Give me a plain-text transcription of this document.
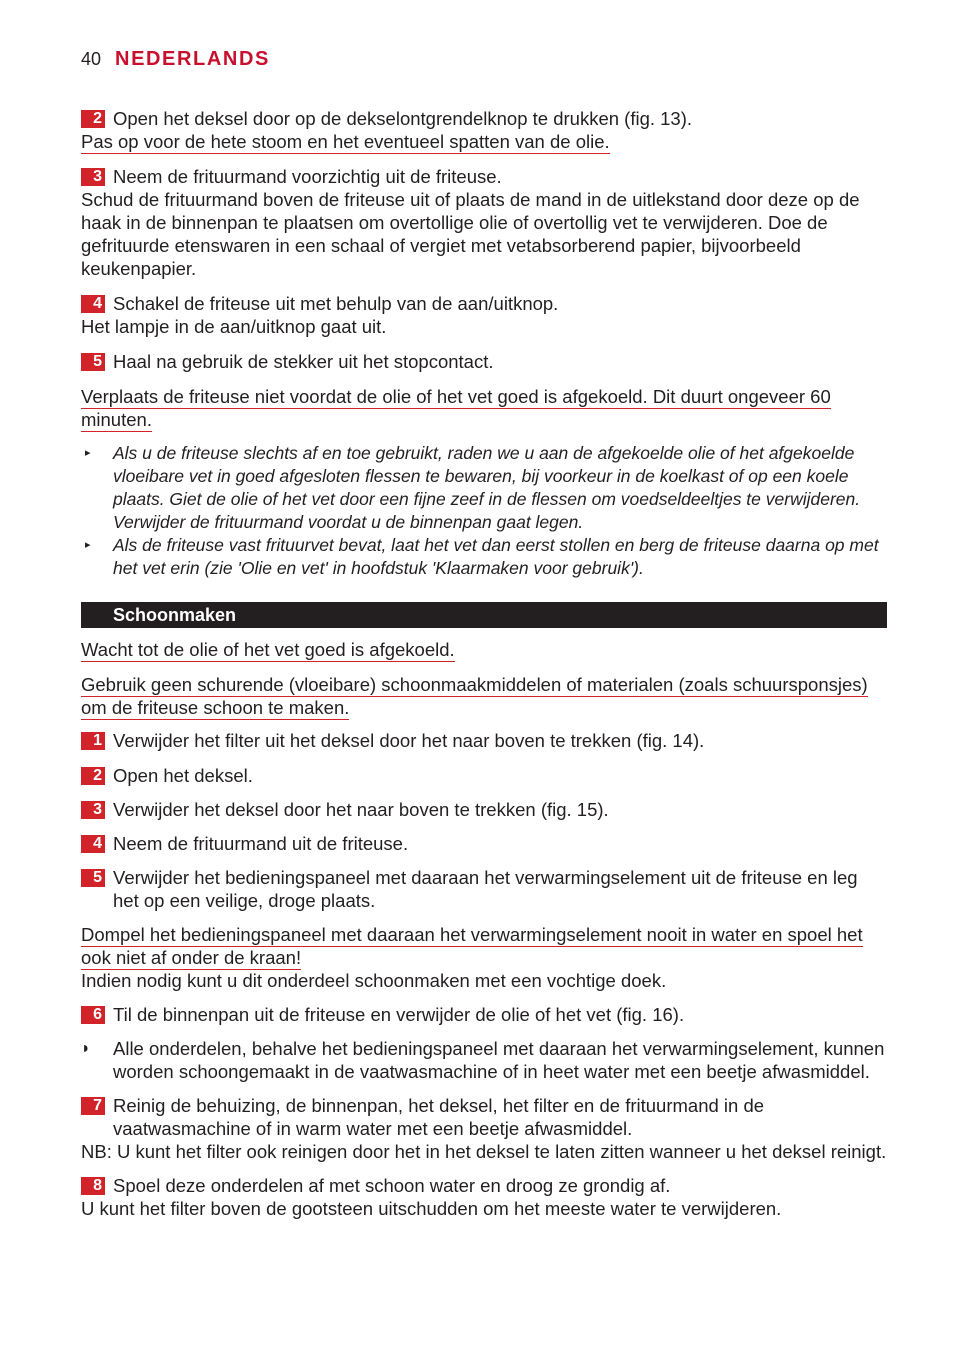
40 NEDERLANDS
2 Open het deksel door op de dekselontgrendelknop te drukken (fig. 13).
Pas op voor de hete stoom en het eventueel spatten van de olie.
3 Neem de frituurmand voorzichtig uit de friteuse.
Schud de frituurmand boven de friteuse uit of plaats de mand in de uitlekstand door deze op de haak in de binnenpan te plaatsen om overtollige olie of overtollig vet te verwijderen. Doe de gefrituurde etenswaren in een schaal of vergiet met vetabsorberend papier, bijvoorbeeld keukenpapier.
4 Schakel de friteuse uit met behulp van de aan/uitknop.
Het lampje in de aan/uitknop gaat uit.
5 Haal na gebruik de stekker uit het stopcontact.
Verplaats de friteuse niet voordat de olie of het vet goed is afgekoeld. Dit duurt ongeveer 60 minuten.
▸ Als u de friteuse slechts af en toe gebruikt, raden we u aan de afgekoelde olie of het afgekoelde vloeibare vet in goed afgesloten flessen te bewaren, bij voorkeur in de koelkast of op een koele plaats. Giet de olie of het vet door een fijne zeef in de flessen om voedseldeeltjes te verwijderen. Verwijder de frituurmand voordat u de binnenpan gaat legen.
▸ Als de friteuse vast frituurvet bevat, laat het vet dan eerst stollen en berg de friteuse daarna op met het vet erin (zie 'Olie en vet' in hoofdstuk 'Klaarmaken voor gebruik').
Schoonmaken
Wacht tot de olie of het vet goed is afgekoeld.
Gebruik geen schurende (vloeibare) schoonmaakmiddelen of materialen (zoals schuursponsjes) om de friteuse schoon te maken.
1 Verwijder het filter uit het deksel door het naar boven te trekken (fig. 14).
2 Open het deksel.
3 Verwijder het deksel door het naar boven te trekken (fig. 15).
4 Neem de frituurmand uit de friteuse.
5 Verwijder het bedieningspaneel met daaraan het verwarmingselement uit de friteuse en leg het op een veilige, droge plaats.
Dompel het bedieningspaneel met daaraan het verwarmingselement nooit in water en spoel het ook niet af onder de kraan!
Indien nodig kunt u dit onderdeel schoonmaken met een vochtige doek.
6 Til de binnenpan uit de friteuse en verwijder de olie of het vet (fig. 16).
◗ Alle onderdelen, behalve het bedieningspaneel met daaraan het verwarmingselement, kunnen worden schoongemaakt in de vaatwasmachine of in heet water met een beetje afwasmiddel.
7 Reinig de behuizing, de binnenpan, het deksel, het filter en de frituurmand in de vaatwasmachine of in warm water met een beetje afwasmiddel.
NB: U kunt het filter ook reinigen door het in het deksel te laten zitten wanneer u het deksel reinigt.
8 Spoel deze onderdelen af met schoon water en droog ze grondig af.
U kunt het filter boven de gootsteen uitschudden om het meeste water te verwijderen.
